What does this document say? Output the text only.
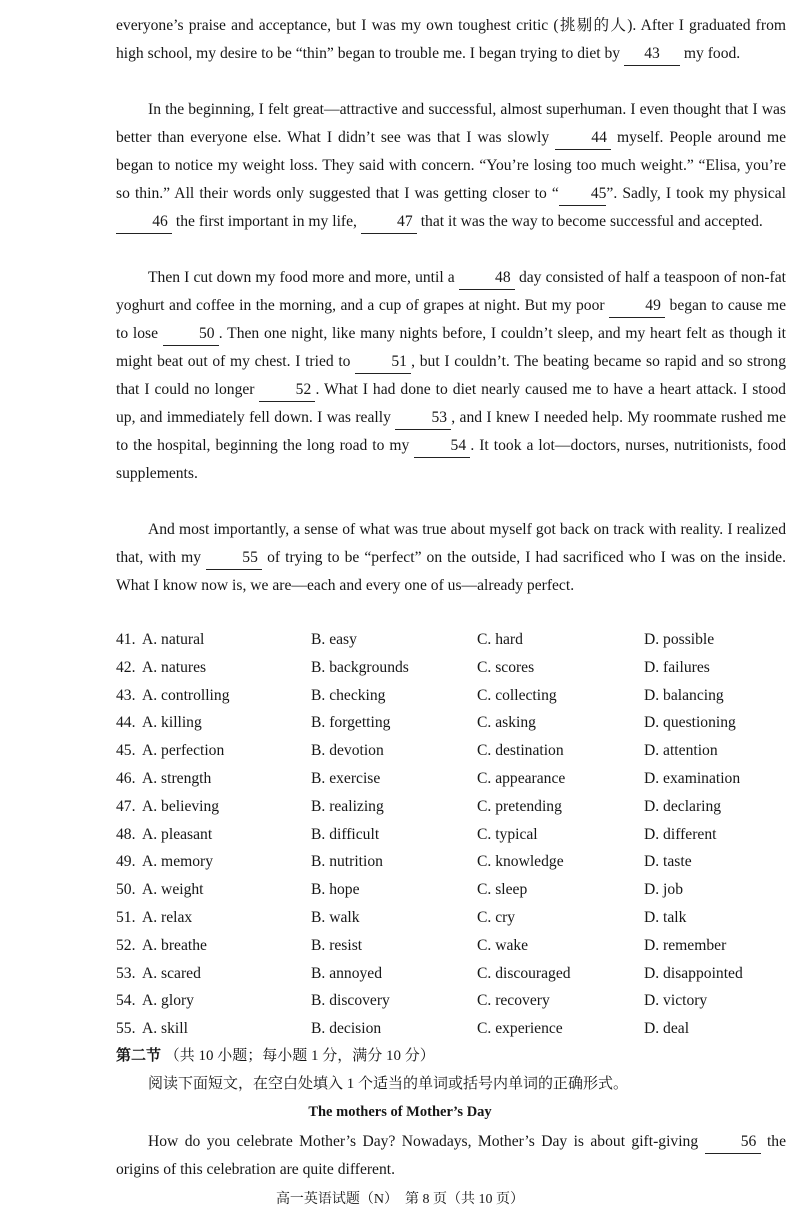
everyone’s praise and acceptance, but I was my own toughest critic (挑剔的人). After I graduated from high school, my desire to be “thin” began to trouble me. I began trying to diet by 43 my food.

In the beginning, I felt great—attractive and successful, almost superhuman. I even thought that I was better than everyone else. What I didn’t see was that I was slowly 44 myself. People around me began to notice my weight loss. They said with concern. “You’re losing too much weight.” “Elisa, you’re so thin.” All their words only suggested that I was getting closer to “ 45”. Sadly, I took my physical 46 the first important in my life, 47 that it was the way to become successful and accepted.

Then I cut down my food more and more, until a 48 day consisted of half a teaspoon of non-fat yoghurt and coffee in the morning, and a cup of grapes at night. But my poor 49 began to cause me to lose 50 . Then one night, like many nights before, I couldn’t sleep, and my heart felt as though it might beat out of my chest. I tried to 51 , but I couldn’t. The beating became so rapid and so strong that I could no longer 52 . What I had done to diet nearly caused me to have a heart attack. I stood up, and immediately fell down. I was really 53 , and I knew I needed help. My roommate rushed me to the hospital, beginning the long road to my 54 . It took a lot—doctors, nurses, nutritionists, food supplements.

And most importantly, a sense of what was true about myself got back on track with reality. I realized that, with my 55 of trying to be “perfect” on the outside, I had sacrificed who I was on the inside. What I know now is, we are—each and every one of us—already perfect.

41. A. natural	B. easy	C. hard	D. possible
42. A. natures	B. backgrounds	C. scores	D. failures
43. A. controlling	B. checking	C. collecting	D. balancing
44. A. killing	B. forgetting	C. asking	D. questioning
45. A. perfection	B. devotion	C. destination	D. attention
46. A. strength	B. exercise	C. appearance	D. examination
47. A. believing	B. realizing	C. pretending	D. declaring
48. A. pleasant	B. difficult	C. typical	D. different
49. A. memory	B. nutrition	C. knowledge	D. taste
50. A. weight	B. hope	C. sleep	D. job
51. A. relax	B. walk	C. cry	D. talk
52. A. breathe	B. resist	C. wake	D. remember
53. A. scared	B. annoyed	C. discouraged	D. disappointed
54. A. glory	B. discovery	C. recovery	D. victory
55. A. skill	B. decision	C. experience	D. deal
第二节 （共 10 小题；每小题 1 分，满分 10 分）
阅读下面短文，在空白处填入 1 个适当的单词或括号内单词的正确形式。
The mothers of Mother’s Day

How do you celebrate Mother’s Day? Nowadays, Mother’s Day is about gift-giving 56 the origins of this celebration are quite different.

高一英语试题（N）　第 8 页（共 10 页）
